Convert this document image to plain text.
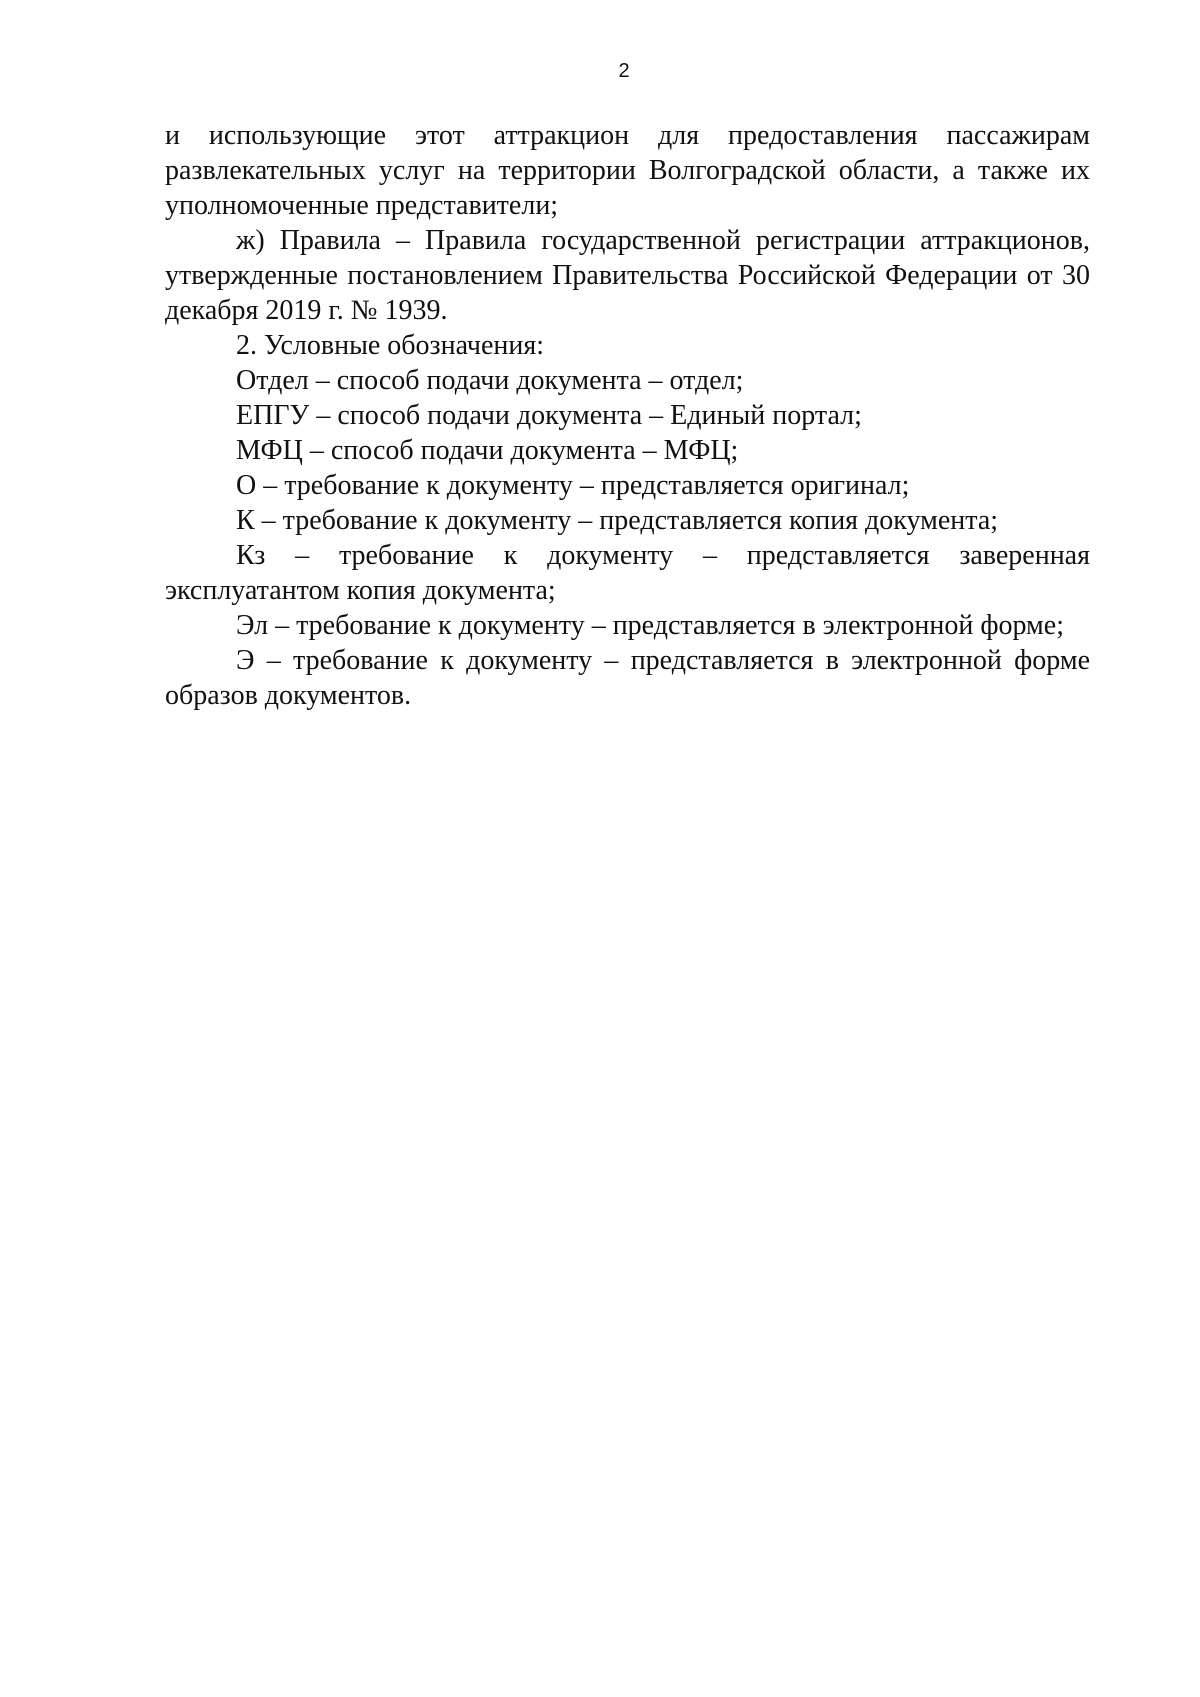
2

и использующие этот аттракцион для предоставления пассажирам развлекательных услуг на территории Волгоградской области, а также их уполномоченные представители;

ж) Правила – Правила государственной регистрации аттракционов, утвержденные постановлением Правительства Российской Федерации от 30 декабря 2019 г. № 1939.

2. Условные обозначения:

Отдел – способ подачи документа – отдел;

ЕПГУ – способ подачи документа – Единый портал;

МФЦ – способ подачи документа – МФЦ;

О – требование к документу – представляется оригинал;

К – требование к документу – представляется копия документа;

Кз – требование к документу – представляется заверенная эксплуатантом копия документа;

Эл – требование к документу – представляется в электронной форме;

Э – требование к документу – представляется в электронной форме образов документов.
